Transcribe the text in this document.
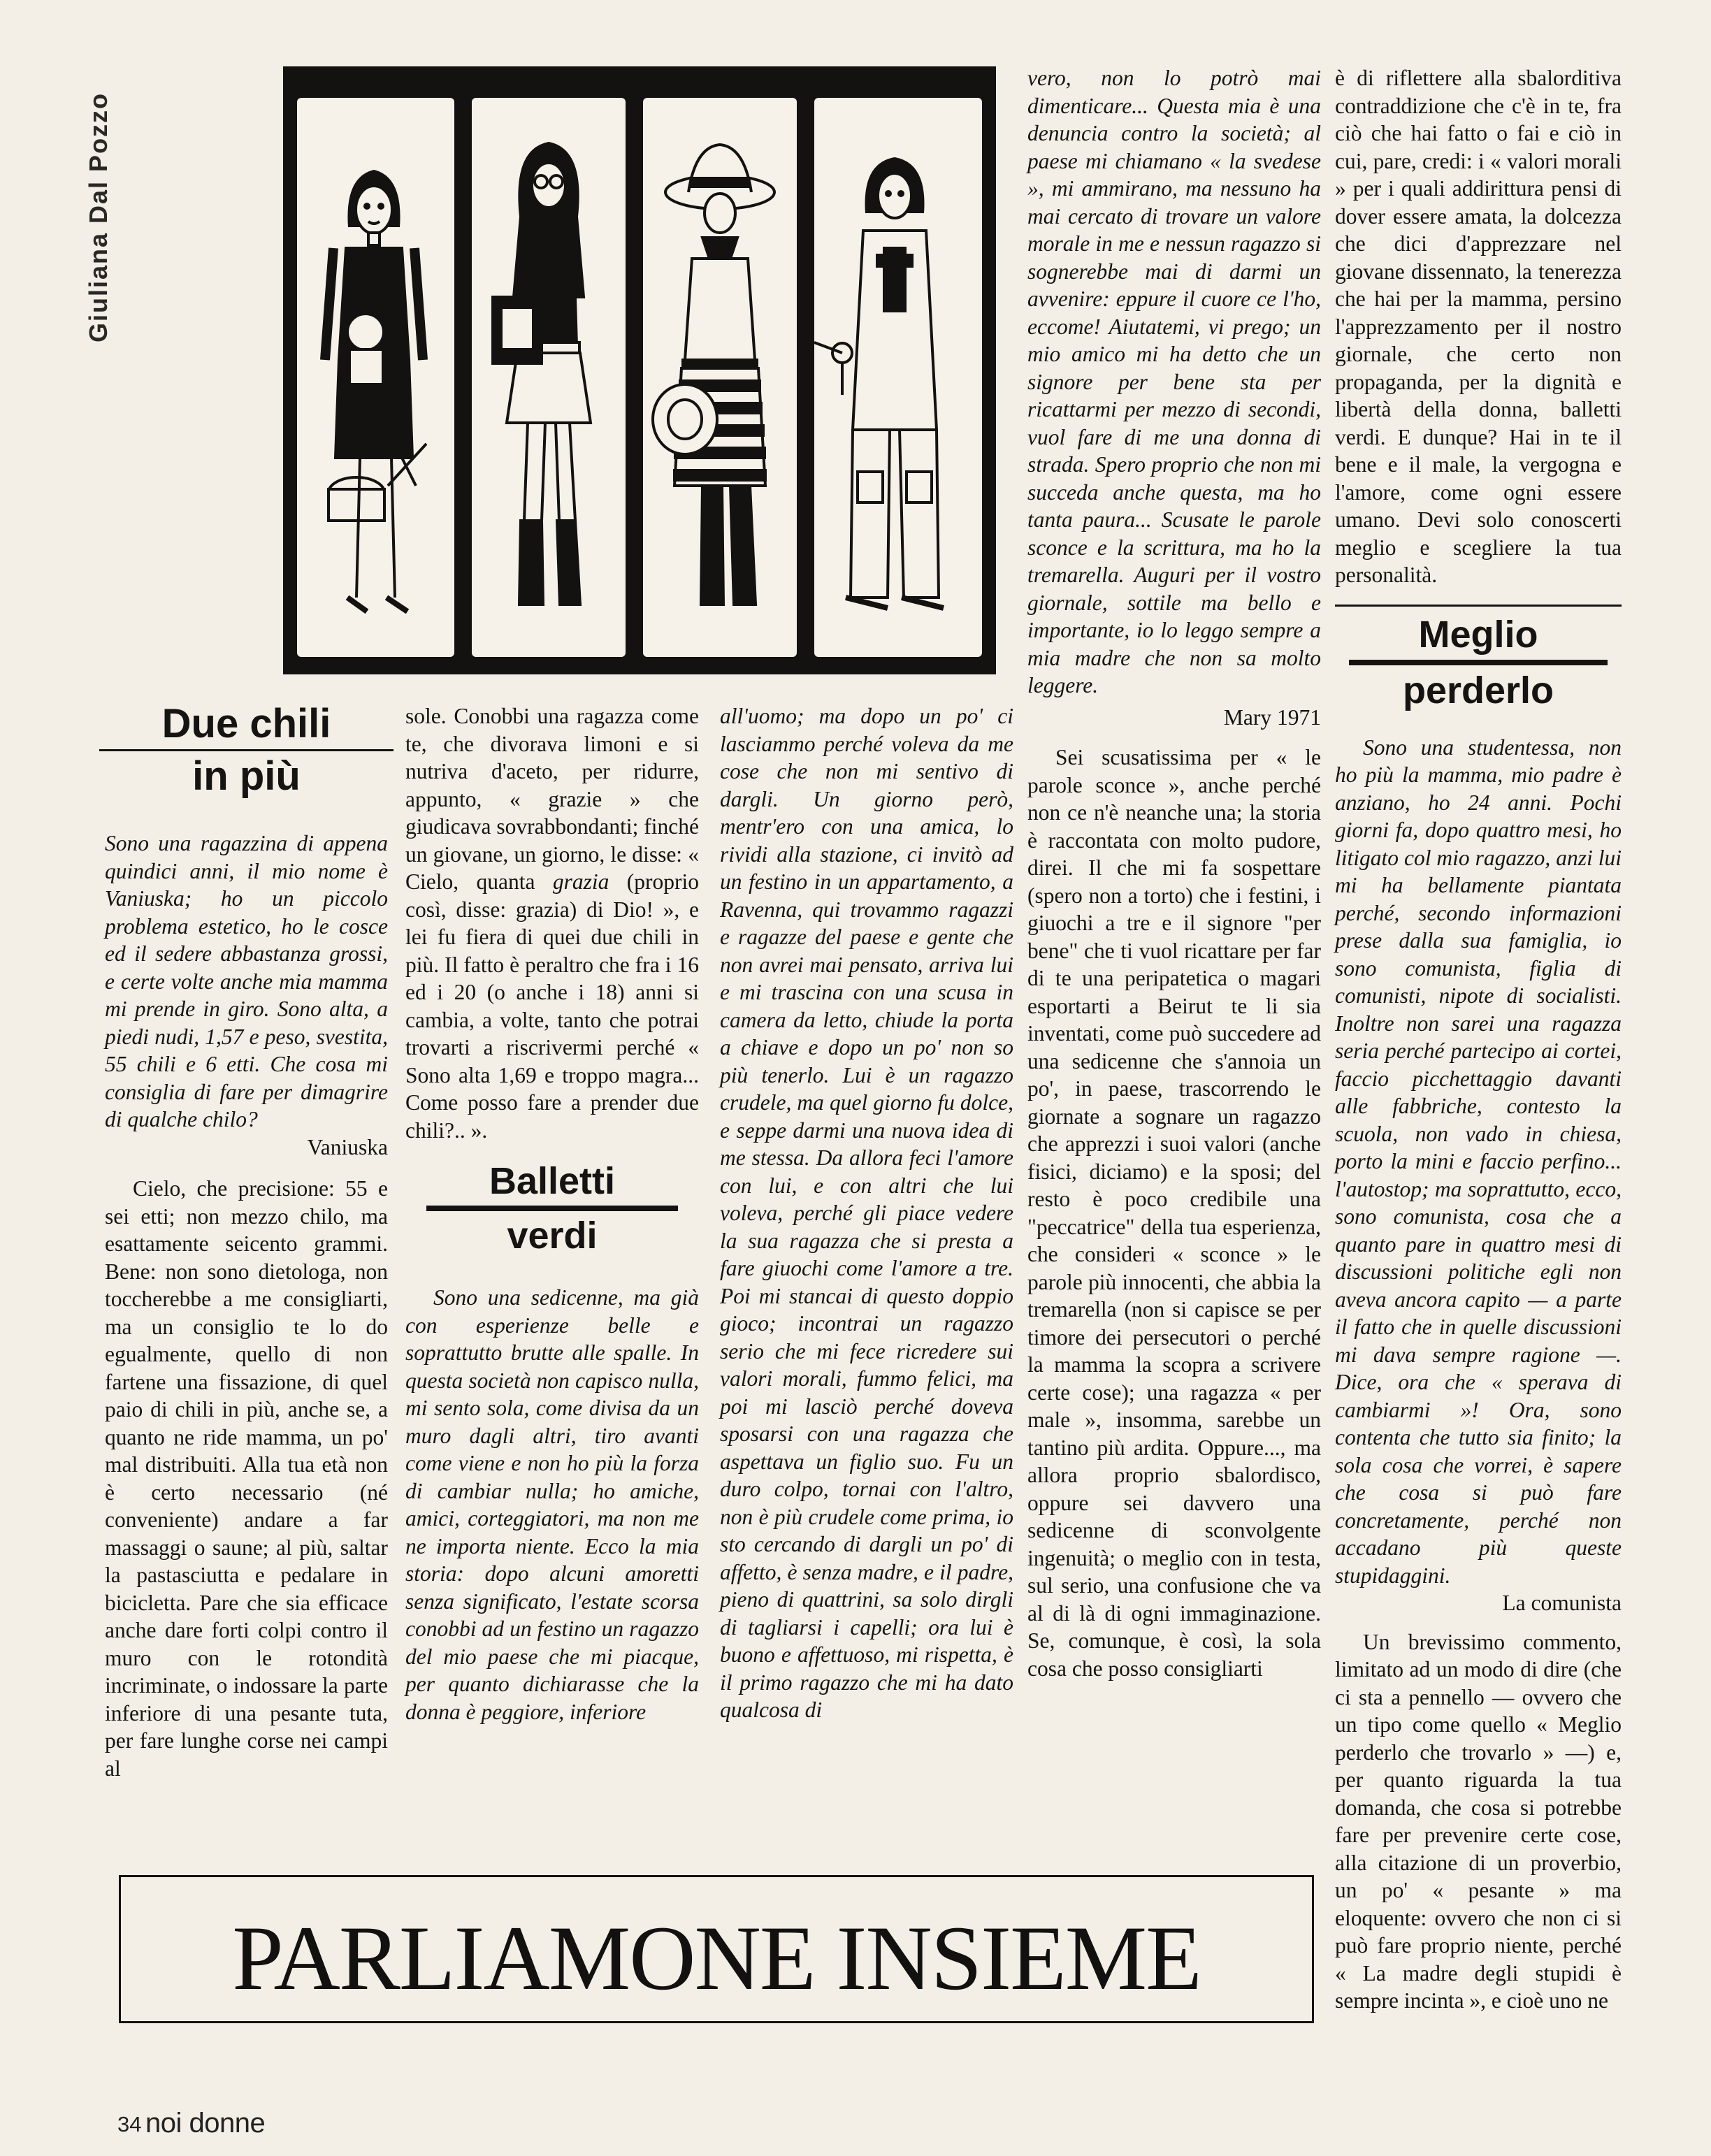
Giuliana Dal Pozzo
Due chili
in più

Sono una ragazzina di appena quindici anni, il mio nome è Vaniuska; ho un piccolo problema estetico, ho le cosce ed il sedere abbastanza grossi, e certe volte anche mia mamma mi prende in giro. Sono alta, a piedi nudi, 1,57 e peso, svestita, 55 chili e 6 etti. Che cosa mi consiglia di fare per dimagrire di qualche chilo?

Vaniuska

Cielo, che precisione: 55 e sei etti; non mezzo chilo, ma esattamente seicento grammi. Bene: non sono dietologa, non toccherebbe a me consigliarti, ma un consiglio te lo do egualmente, quello di non fartene una fissazione, di quel paio di chili in più, anche se, a quanto ne ride mamma, un po' mal distribuiti. Alla tua età non è certo necessario (né conveniente) andare a far massaggi o saune; al più, saltar la pastasciutta e pedalare in bicicletta. Pare che sia efficace anche dare forti colpi contro il muro con le rotondità incriminate, o indossare la parte inferiore di una pesante tuta, per fare lunghe corse nei campi al

sole. Conobbi una ragazza come te, che divorava limoni e si nutriva d'aceto, per ridurre, appunto, « grazie » che giudicava sovrabbondanti; finché un giovane, un giorno, le disse: « Cielo, quanta grazia (proprio così, disse: grazia) di Dio! », e lei fu fiera di quei due chili in più. Il fatto è peraltro che fra i 16 ed i 20 (o anche i 18) anni si cambia, a volte, tanto che potrai trovarti a riscrivermi perché « Sono alta 1,69 e troppo magra... Come posso fare a prender due chili?.. ».

Balletti
verdi

Sono una sedicenne, ma già con esperienze belle e soprattutto brutte alle spalle. In questa società non capisco nulla, mi sento sola, come divisa da un muro dagli altri, tiro avanti come viene e non ho più la forza di cambiar nulla; ho amiche, amici, corteggiatori, ma non me ne importa niente. Ecco la mia storia: dopo alcuni amoretti senza significato, l'estate scorsa conobbi ad un festino un ragazzo del mio paese che mi piacque, per quanto dichiarasse che la donna è peggiore, inferiore

all'uomo; ma dopo un po' ci lasciammo perché voleva da me cose che non mi sentivo di dargli. Un giorno però, mentr'ero con una amica, lo rividi alla stazione, ci invitò ad un festino in un appartamento, a Ravenna, qui trovammo ragazzi e ragazze del paese e gente che non avrei mai pensato, arriva lui e mi trascina con una scusa in camera da letto, chiude la porta a chiave e dopo un po' non so più tenerlo. Lui è un ragazzo crudele, ma quel giorno fu dolce, e seppe darmi una nuova idea di me stessa. Da allora feci l'amore con lui, e con altri che lui voleva, perché gli piace vedere la sua ragazza che si presta a fare giuochi come l'amore a tre. Poi mi stancai di questo doppio gioco; incontrai un ragazzo serio che mi fece ricredere sui valori morali, fummo felici, ma poi mi lasciò perché doveva sposarsi con una ragazza che aspettava un figlio suo. Fu un duro colpo, tornai con l'altro, non è più crudele come prima, io sto cercando di dargli un po' di affetto, è senza madre, e il padre, pieno di quattrini, sa solo dirgli di tagliarsi i capelli; ora lui è buono e affettuoso, mi rispetta, è il primo ragazzo che mi ha dato qualcosa di

vero, non lo potrò mai dimenticare... Questa mia è una denuncia contro la società; al paese mi chiamano « la svedese », mi ammirano, ma nessuno ha mai cercato di trovare un valore morale in me e nessun ragazzo si sognerebbe mai di darmi un avvenire: eppure il cuore ce l'ho, eccome! Aiutatemi, vi prego; un mio amico mi ha detto che un signore per bene sta per ricattarmi per mezzo di secondi, vuol fare di me una donna di strada. Spero proprio che non mi succeda anche questa, ma ho tanta paura... Scusate le parole sconce e la scrittura, ma ho la tremarella. Auguri per il vostro giornale, sottile ma bello e importante, io lo leggo sempre a mia madre che non sa molto leggere.

Mary 1971

Sei scusatissima per « le parole sconce », anche perché non ce n'è neanche una; la storia è raccontata con molto pudore, direi. Il che mi fa sospettare (spero non a torto) che i festini, i giuochi a tre e il signore "per bene" che ti vuol ricattare per far di te una peripatetica o magari esportarti a Beirut te li sia inventati, come può succedere ad una sedicenne che s'annoia un po', in paese, trascorrendo le giornate a sognare un ragazzo che apprezzi i suoi valori (anche fisici, diciamo) e la sposi; del resto è poco credibile una "peccatrice" della tua esperienza, che consideri « sconce » le parole più innocenti, che abbia la tremarella (non si capisce se per timore dei persecutori o perché la mamma la scopra a scrivere certe cose); una ragazza « per male », insomma, sarebbe un tantino più ardita. Oppure..., ma allora proprio sbalordisco, oppure sei davvero una sedicenne di sconvolgente ingenuità; o meglio con in testa, sul serio, una confusione che va al di là di ogni immaginazione. Se, comunque, è così, la sola cosa che posso consigliarti

è di riflettere alla sbalorditiva contraddizione che c'è in te, fra ciò che hai fatto o fai e ciò in cui, pare, credi: i « valori morali » per i quali addirittura pensi di dover essere amata, la dolcezza che dici d'apprezzare nel giovane dissennato, la tenerezza che hai per la mamma, persino l'apprezzamento per il nostro giornale, che certo non propaganda, per la dignità e libertà della donna, balletti verdi. E dunque? Hai in te il bene e il male, la vergogna e l'amore, come ogni essere umano. Devi solo conoscerti meglio e sceglierе la tua personalità.

Meglio
perderlo

Sono una studentessa, non ho più la mamma, mio padre è anziano, ho 24 anni. Pochi giorni fa, dopo quattro mesi, ho litigato col mio ragazzo, anzi lui mi ha bellamente piantata perché, secondo informazioni prese dalla sua famiglia, io sono comunista, figlia di comunisti, nipote di socialisti. Inoltre non sarei una ragazza seria perché partecipo ai cortei, faccio picchettaggio davanti alle fabbriche, contesto la scuola, non vado in chiesa, porto la mini e faccio perfino... l'autostop; ma soprattutto, ecco, sono comunista, cosa che a quanto pare in quattro mesi di discussioni politiche egli non aveva ancora capito — a parte il fatto che in quelle discussioni mi dava sempre ragione —. Dice, ora che « sperava di cambiarmi »! Ora, sono contenta che tutto sia finito; la sola cosa che vorrei, è sapere che cosa si può fare concretamente, perché non accadano più queste stupidaggini.

La comunista

Un brevissimo commento, limitato ad un modo di dire (che ci sta a pennello — ovvero che un tipo come quello « Meglio perderlo che trovarlo » —) e, per quanto riguarda la tua domanda, che cosa si potrebbe fare per prevenire certe cose, alla citazione di un proverbio, un po' « pesante » ma eloquente: ovvero che non ci si può fare proprio niente, perché « La madre degli stupidi è sempre incinta », e cioè uno ne

PARLIAMONE INSIEME
34 noi donne
